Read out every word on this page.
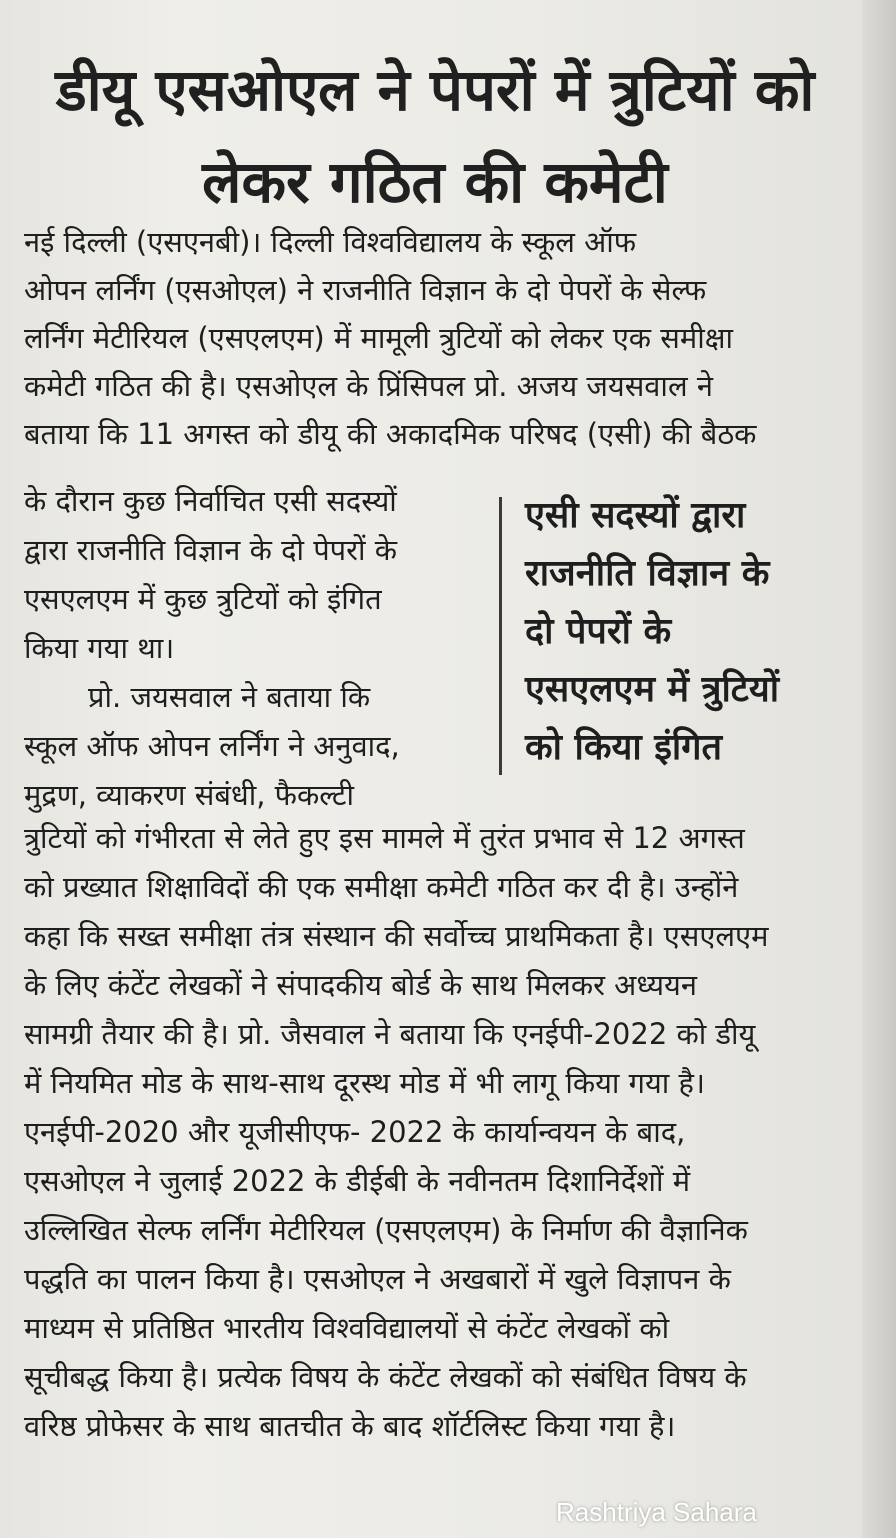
डीयू एसओएल ने पेपरों में त्रुटियों को
लेकर गठित की कमेटी
नई दिल्ली (एसएनबी)। दिल्ली विश्वविद्यालय के स्कूल ऑफ
ओपन लर्निंग (एसओएल) ने राजनीति विज्ञान के दो पेपरों के सेल्फ
लर्निंग मेटीरियल (एसएलएम) में मामूली त्रुटियों को लेकर एक समीक्षा
कमेटी गठित की है। एसओएल के प्रिंसिपल प्रो. अजय जयसवाल ने
बताया कि 11 अगस्त को डीयू की अकादमिक परिषद (एसी) की बैठक
के दौरान कुछ निर्वाचित एसी सदस्यों
द्वारा राजनीति विज्ञान के दो पेपरों के
एसएलएम में कुछ त्रुटियों को इंगित
किया गया था।
प्रो. जयसवाल ने बताया कि
स्कूल ऑफ ओपन लर्निंग ने अनुवाद,
मुद्रण, व्याकरण संबंधी, फैकल्टी
एसी सदस्यों द्वारा
राजनीति विज्ञान के
दो पेपरों के
एसएलएम में त्रुटियों
को किया इंगित
त्रुटियों को गंभीरता से लेते हुए इस मामले में तुरंत प्रभाव से 12 अगस्त
को प्रख्यात शिक्षाविदों की एक समीक्षा कमेटी गठित कर दी है। उन्होंने
कहा कि सख्त समीक्षा तंत्र संस्थान की सर्वोच्च प्राथमिकता है। एसएलएम
के लिए कंटेंट लेखकों ने संपादकीय बोर्ड के साथ मिलकर अध्ययन
सामग्री तैयार की है। प्रो. जैसवाल ने बताया कि एनईपी-2022 को डीयू
में नियमित मोड के साथ-साथ दूरस्थ मोड में भी लागू किया गया है।
एनईपी-2020 और यूजीसीएफ- 2022 के कार्यान्वयन के बाद,
एसओएल ने जुलाई 2022 के डीईबी के नवीनतम दिशानिर्देशों में
उल्लिखित सेल्फ लर्निंग मेटीरियल (एसएलएम) के निर्माण की वैज्ञानिक
पद्धति का पालन किया है। एसओएल ने अखबारों में खुले विज्ञापन के
माध्यम से प्रतिष्ठित भारतीय विश्वविद्यालयों से कंटेंट लेखकों को
सूचीबद्ध किया है। प्रत्येक विषय के कंटेंट लेखकों को संबंधित विषय के
वरिष्ठ प्रोफेसर के साथ बातचीत के बाद शॉर्टलिस्ट किया गया है।
Rashtriya Sahara
